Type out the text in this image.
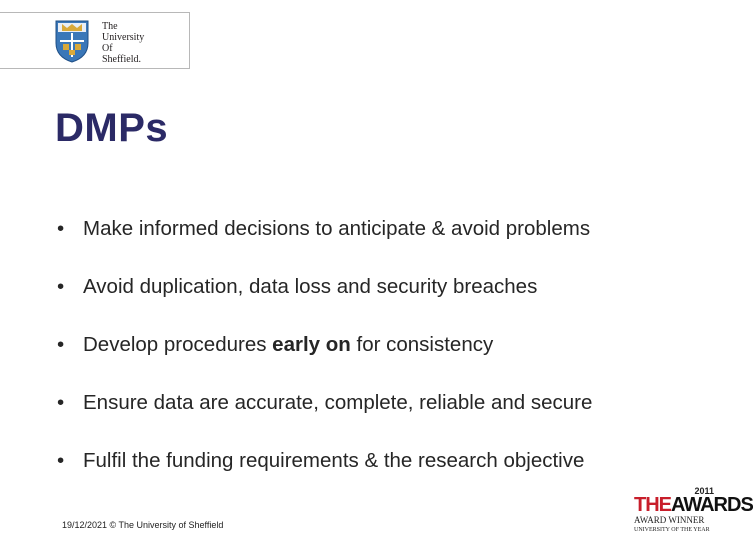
The
University
Of
Sheffield.
DMPs
• Make informed decisions to anticipate & avoid problems
• Avoid duplication, data loss and security breaches
• Develop procedures early on for consistency
• Ensure data are accurate, complete, reliable and secure
• Fulfil the funding requirements & the research objective
19/12/2021 © The University of Sheffield
2011
THEAWARDS
AWARD WINNER
UNIVERSITY OF THE YEAR
